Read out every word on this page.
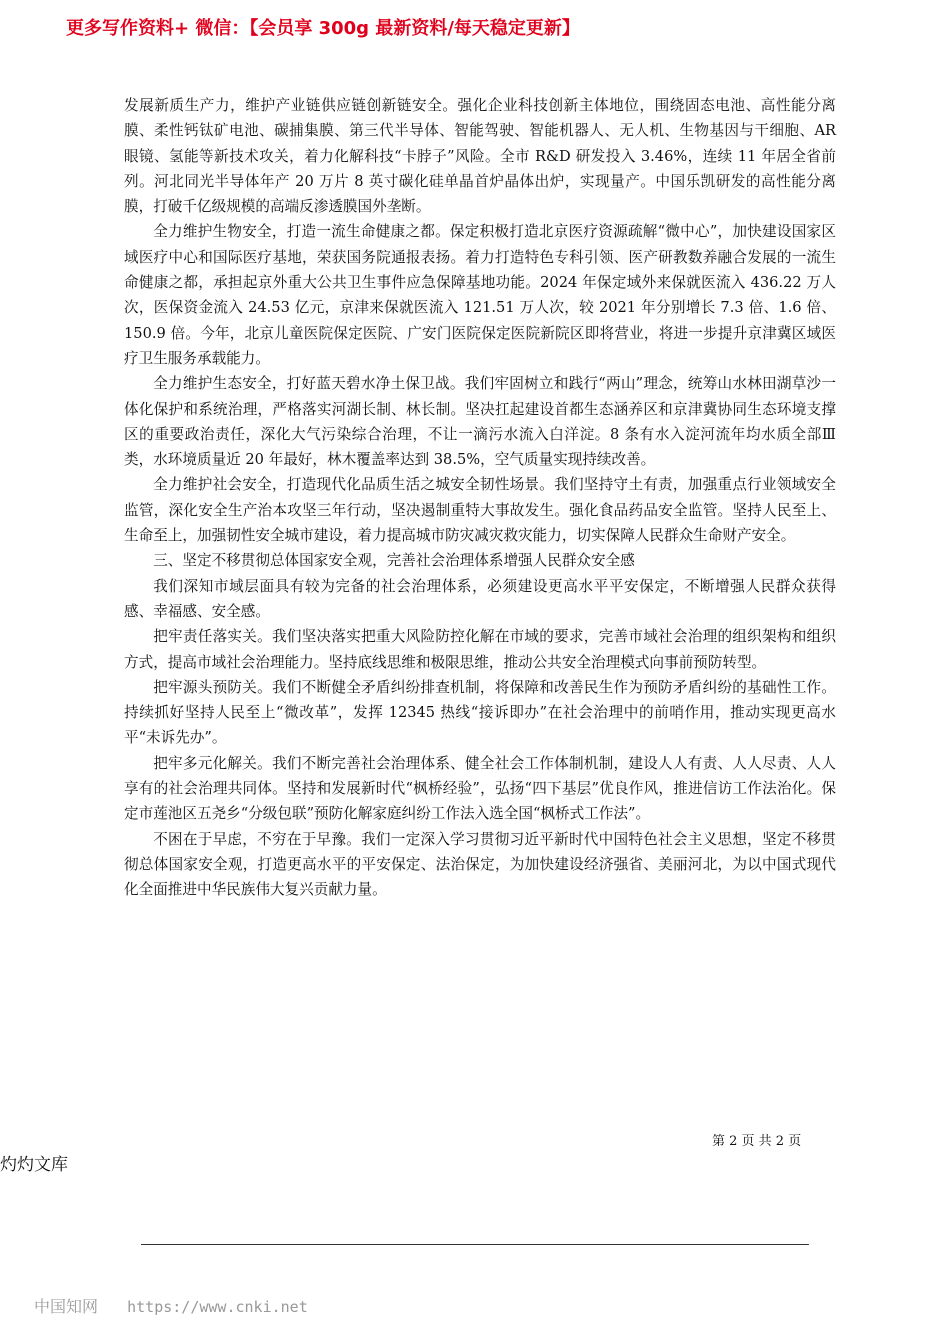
更多写作资料+ 微信：【会员享 300g 最新资料/每天稳定更新】

发展新质生产力，维护产业链供应链创新链安全。强化企业科技创新主体地位，围绕固态电池、高性能分离膜、柔性钙钛矿电池、碳捕集膜、第三代半导体、智能驾驶、智能机器人、无人机、生物基因与干细胞、AR 眼镜、氢能等新技术攻关，着力化解科技“卡脖子”风险。全市 R&D 研发投入 3.46%，连续 11 年居全省前列。河北同光半导体年产 20 万片 8 英寸碳化硅单晶首炉晶体出炉，实现量产。中国乐凯研发的高性能分离膜，打破千亿级规模的高端反渗透膜国外垄断。

全力维护生物安全，打造一流生命健康之都。保定积极打造北京医疗资源疏解“微中心”，加快建设国家区域医疗中心和国际医疗基地，荣获国务院通报表扬。着力打造特色专科引领、医产研教数养融合发展的一流生命健康之都，承担起京外重大公共卫生事件应急保障基地功能。2024 年保定域外来保就医流入 436.22 万人次，医保资金流入 24.53 亿元，京津来保就医流入 121.51 万人次，较 2021 年分别增长 7.3 倍、1.6 倍、150.9 倍。今年，北京儿童医院保定医院、广安门医院保定医院新院区即将营业，将进一步提升京津冀区域医疗卫生服务承载能力。

全力维护生态安全，打好蓝天碧水净土保卫战。我们牢固树立和践行“两山”理念，统筹山水林田湖草沙一体化保护和系统治理，严格落实河湖长制、林长制。坚决扛起建设首都生态涵养区和京津冀协同生态环境支撑区的重要政治责任，深化大气污染综合治理，不让一滴污水流入白洋淀。8 条有水入淀河流年均水质全部Ⅲ类，水环境质量近 20 年最好，林木覆盖率达到 38.5%，空气质量实现持续改善。

全力维护社会安全，打造现代化品质生活之城安全韧性场景。我们坚持守土有责，加强重点行业领域安全监管，深化安全生产治本攻坚三年行动，坚决遏制重特大事故发生。强化食品药品安全监管。坚持人民至上、生命至上，加强韧性安全城市建设，着力提高城市防灾减灾救灾能力，切实保障人民群众生命财产安全。

三、坚定不移贯彻总体国家安全观，完善社会治理体系增强人民群众安全感

我们深知市域层面具有较为完备的社会治理体系，必须建设更高水平平安保定，不断增强人民群众获得感、幸福感、安全感。

把牢责任落实关。我们坚决落实把重大风险防控化解在市域的要求，完善市域社会治理的组织架构和组织方式，提高市域社会治理能力。坚持底线思维和极限思维，推动公共安全治理模式向事前预防转型。

把牢源头预防关。我们不断健全矛盾纠纷排查机制，将保障和改善民生作为预防矛盾纠纷的基础性工作。持续抓好坚持人民至上“微改革”，发挥 12345 热线“接诉即办”在社会治理中的前哨作用，推动实现更高水平“未诉先办”。

把牢多元化解关。我们不断完善社会治理体系、健全社会工作体制机制，建设人人有责、人人尽责、人人享有的社会治理共同体。坚持和发展新时代“枫桥经验”，弘扬“四下基层”优良作风，推进信访工作法治化。保定市莲池区五尧乡“分级包联”预防化解家庭纠纷工作法入选全国“枫桥式工作法”。

不困在于早虑，不穷在于早豫。我们一定深入学习贯彻习近平新时代中国特色社会主义思想，坚定不移贯彻总体国家安全观，打造更高水平的平安保定、法治保定，为加快建设经济强省、美丽河北，为以中国式现代化全面推进中华民族伟大复兴贡献力量。

第 2 页 共 2 页
灼灼文库
中国知网 https://www.cnki.net
